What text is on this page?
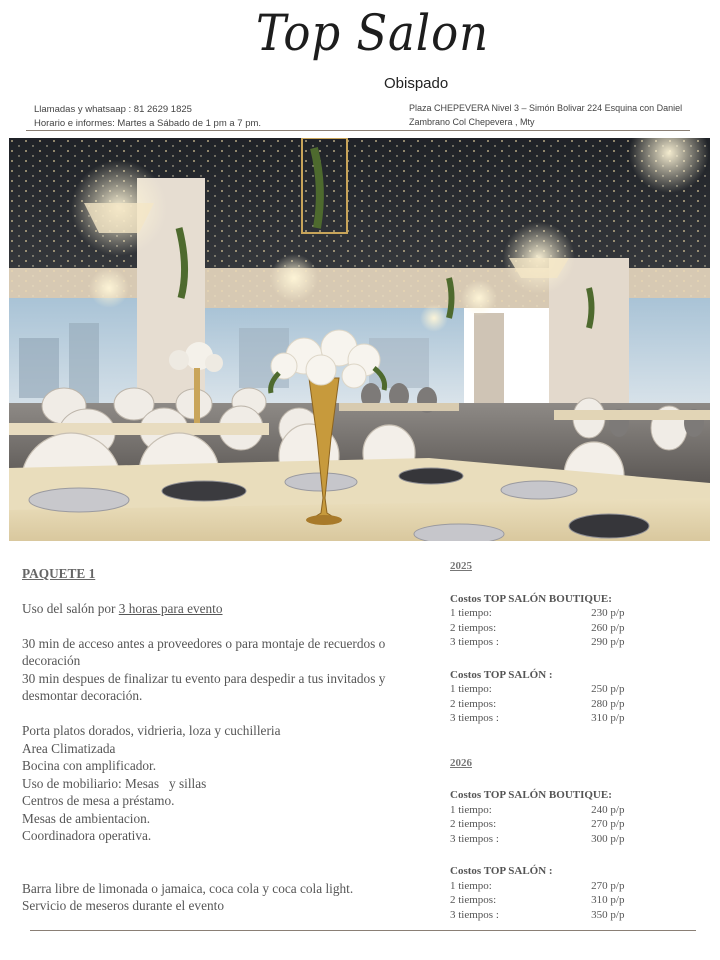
Top Salon
Obispado
Llamadas y whatsaap : 81 2629 1825
Horario e informes: Martes a Sábado de 1 pm a 7 pm.
Plaza CHEPEVERA Nivel 3 – Simón Bolivar 224 Esquina con Daniel
Zambrano Col Chepevera , Mty

PAQUETE 1

Uso del salón por 3 horas para evento

30 min de acceso antes a proveedores o para montaje de recuerdos o decoración

30 min despues de finalizar tu evento para despedir a tus invitados y desmontar decoración.

Porta platos dorados, vidrieria, loza y cuchilleria

Area Climatizada

Bocina con amplificador.

Uso de mobiliario: Mesas   y sillas

Centros de mesa a préstamo.

Mesas de ambientacion.

Coordinadora operativa.

Barra libre de limonada o jamaica, coca cola y coca cola light.

Servicio de meseros durante el evento

2025
Costos TOP SALÓN BOUTIQUE:
1 tiempo:	230 p/p
2 tiempos:	260 p/p
3 tiempos :	290 p/p
Costos TOP SALÓN :
1 tiempo:	250 p/p
2 tiempos:	280 p/p
3 tiempos :	310 p/p
2026
Costos TOP SALÓN BOUTIQUE:
1 tiempo:	240 p/p
2 tiempos:	270 p/p
3 tiempos :	300 p/p
Costos TOP SALÓN :
1 tiempo:	270 p/p
2 tiempos:	310 p/p
3 tiempos :	350 p/p
